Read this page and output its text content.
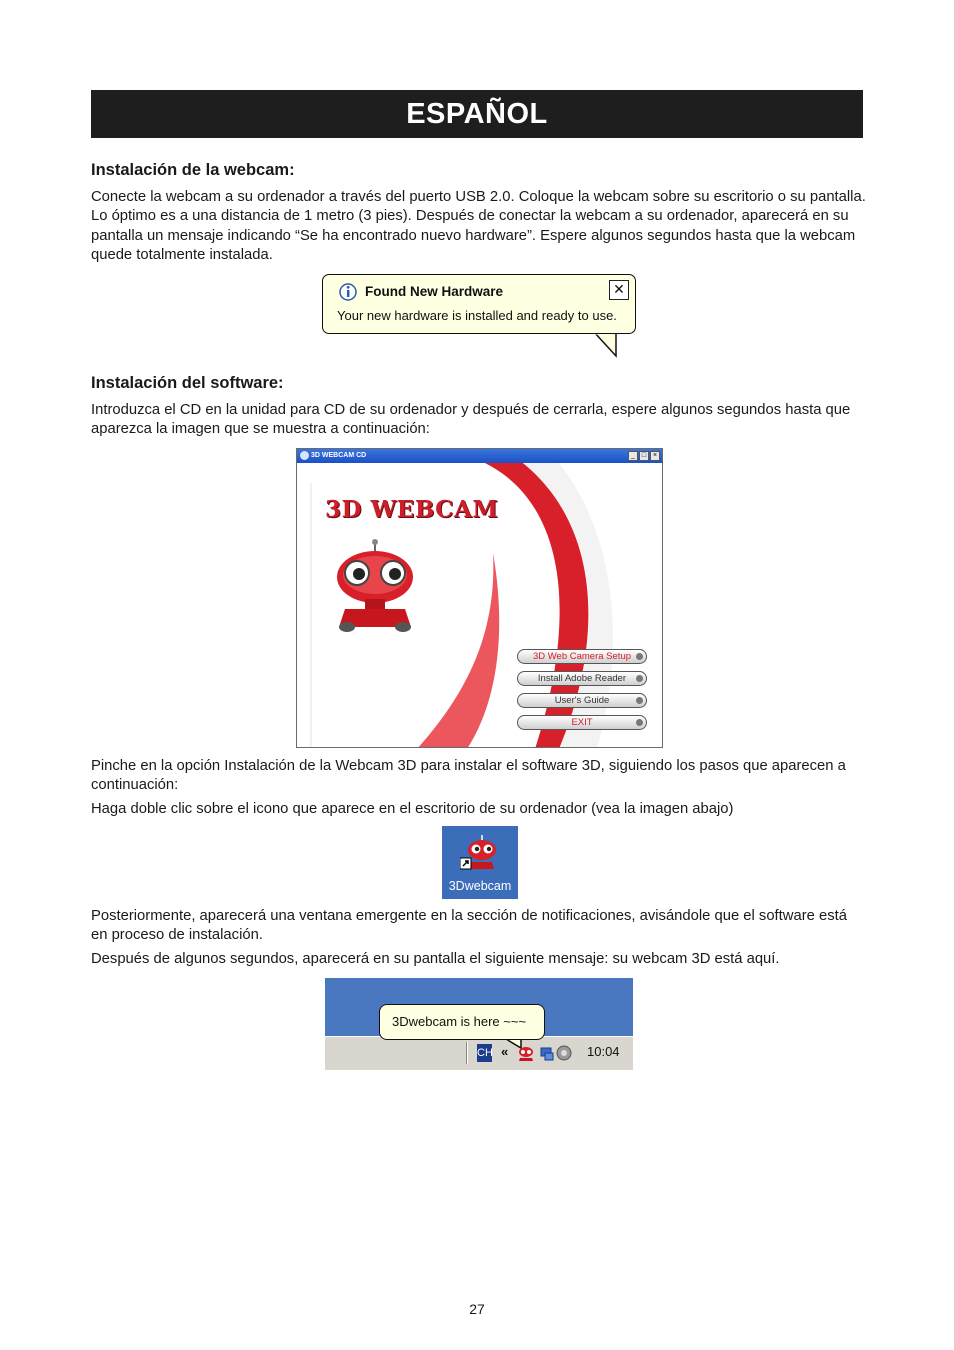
ESPAÑOL
Instalación de la webcam:
Conecte la webcam a su ordenador a través del puerto USB 2.0. Coloque la webcam sobre su escritorio o su pantalla. Lo óptimo es a una distancia de 1 metro (3 pies). Después de conectar la webcam a su ordenador, aparecerá en su pantalla un mensaje indicando “Se ha encontrado nuevo hardware”. Espere algunos segundos hasta que la webcam quede totalmente instalada.
Found New Hardware
Your new hardware is installed and ready to use.
✕
Instalación del software:
Introduzca el CD en la unidad para CD de su ordenador y después de cerrarla, espere algunos segundos hasta que aparezca la imagen que se muestra a continuación:
3D WEBCAM CD	_ □ ×
3D WEBCAM
3D Web Camera Setup
Install Adobe Reader
User's Guide
EXIT
Pinche en la opción Instalación de la Webcam 3D para instalar el software 3D, siguiendo los pasos que aparecen a continuación:
Haga doble clic sobre el icono que aparece en el escritorio de su ordenador (vea la imagen abajo)
3Dwebcam
Posteriormente, aparecerá una ventana emergente en la sección de notificaciones, avisándole que el software está en proceso de instalación.
Después de algunos segundos, aparecerá en su pantalla el siguiente mensaje: su webcam 3D está aquí.
3Dwebcam is here ~~~
CH «	10:04
27
